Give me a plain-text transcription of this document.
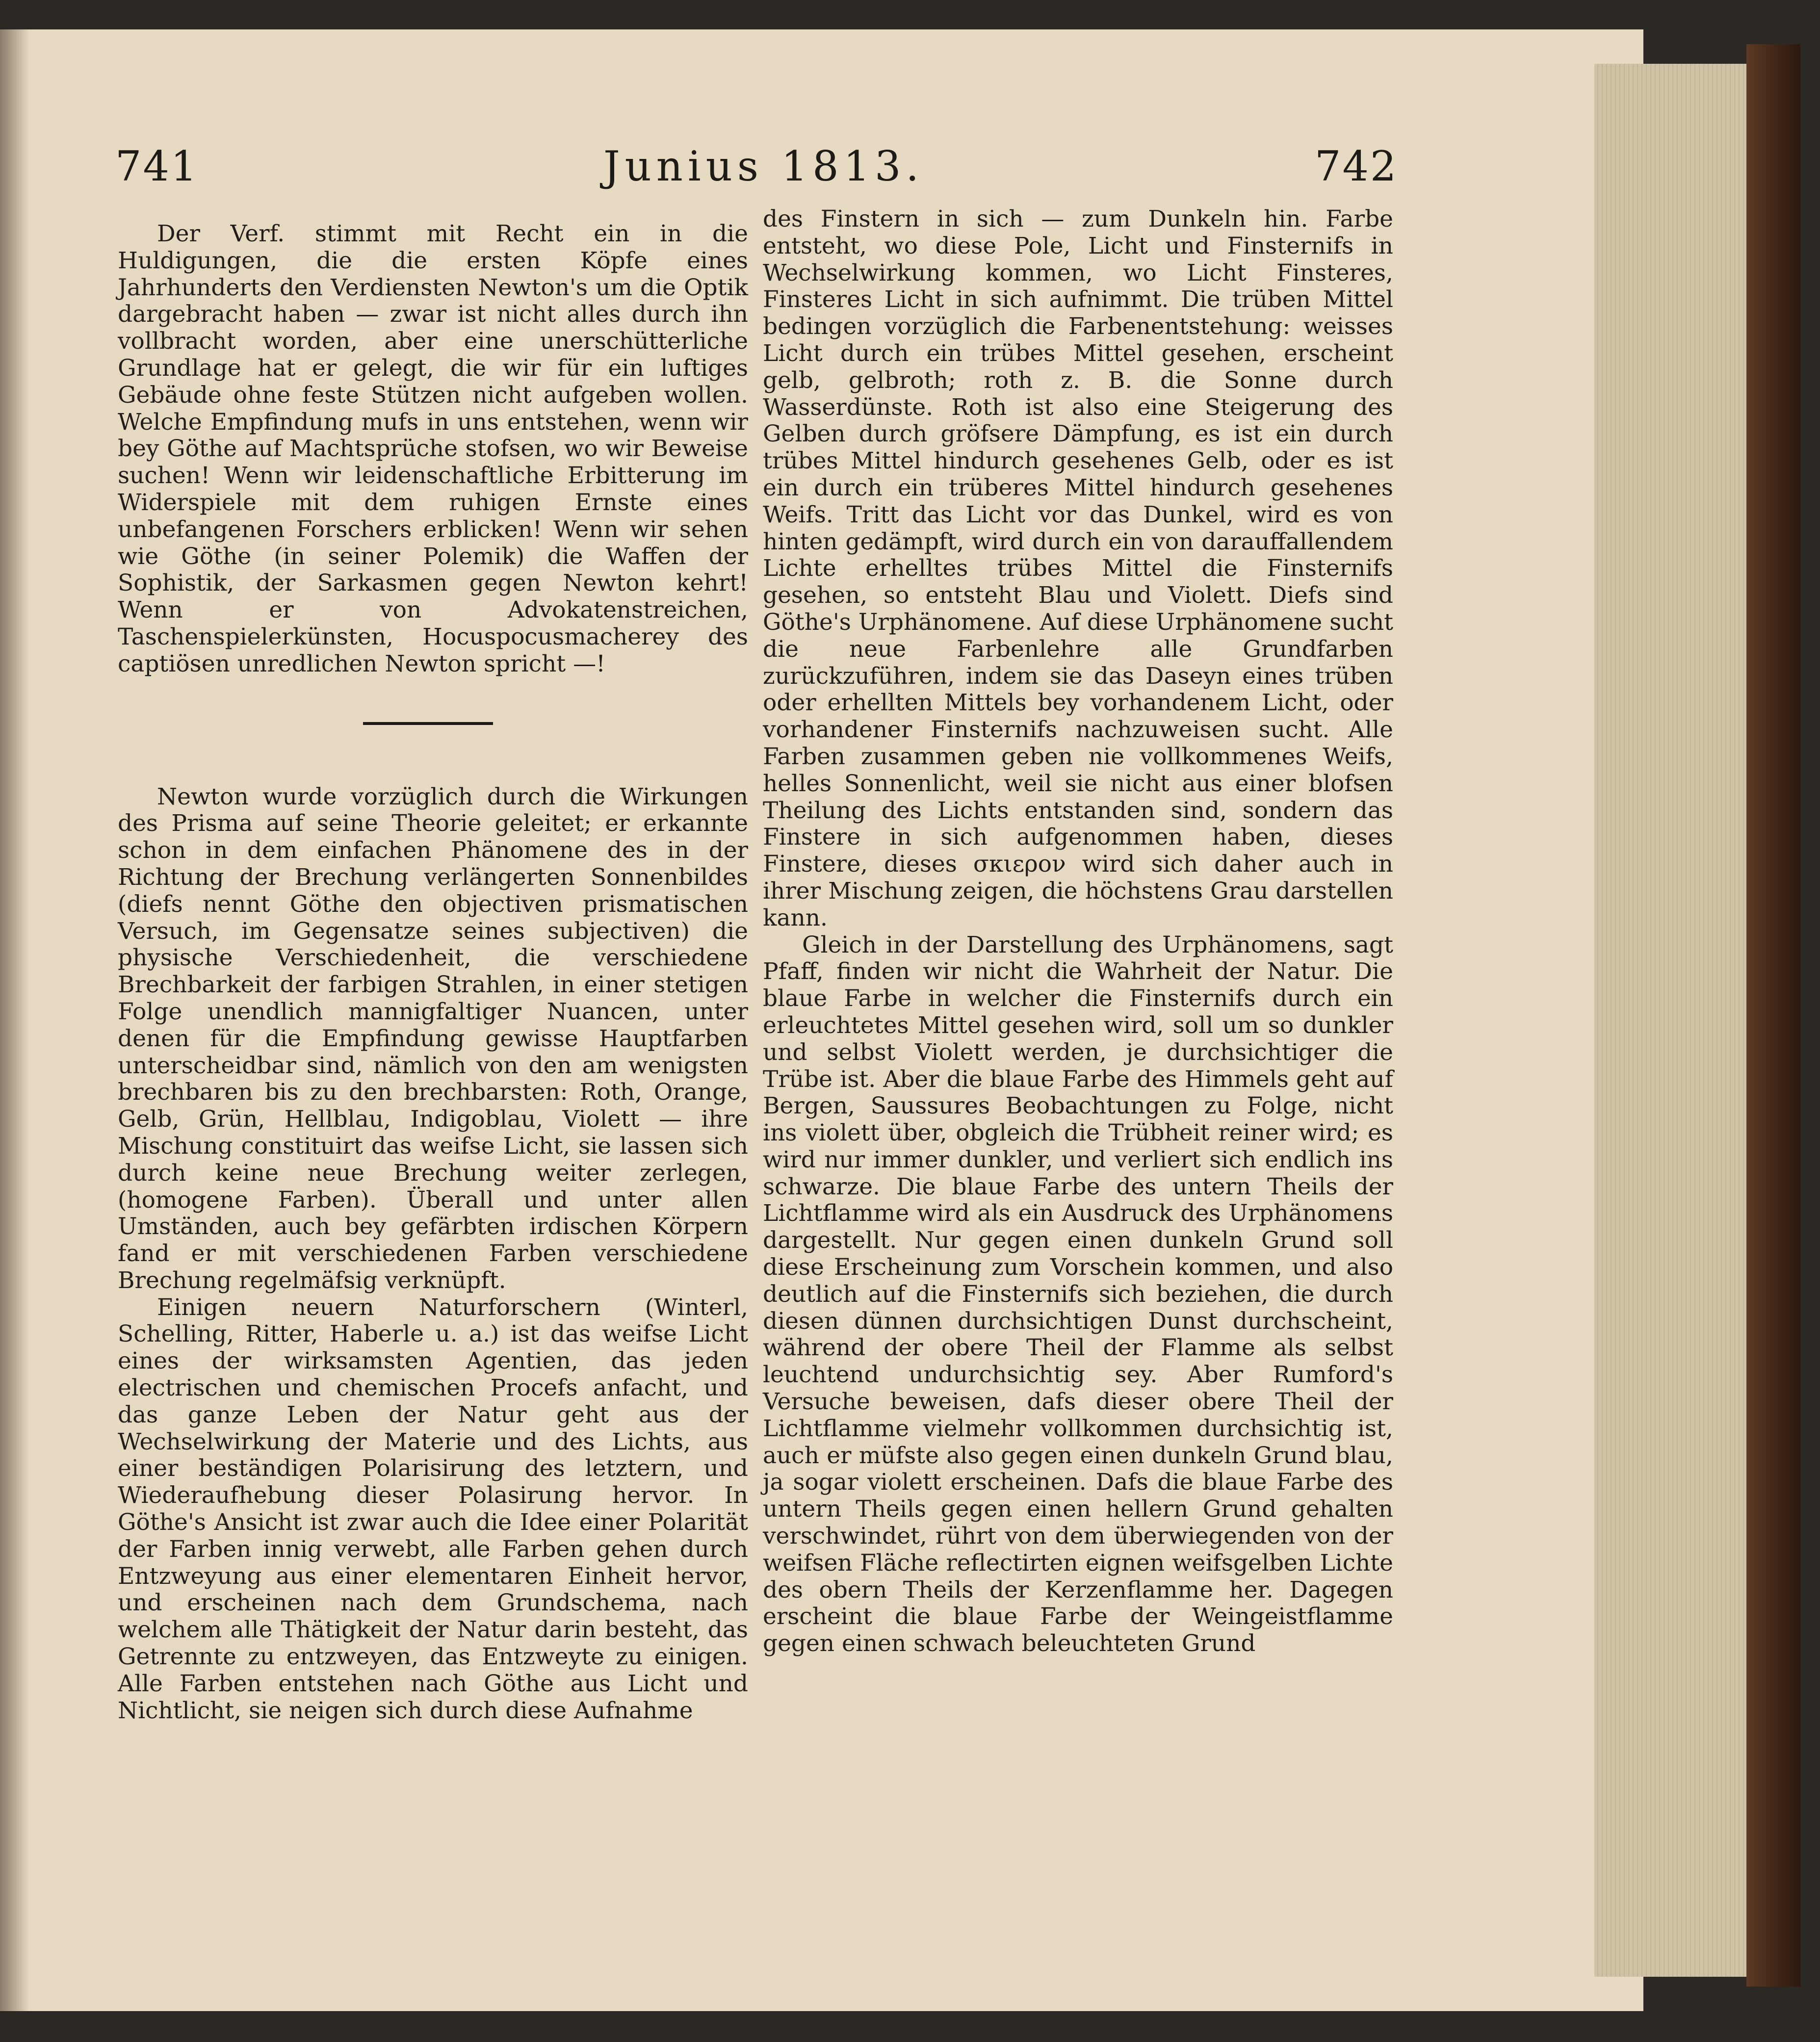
741	Junius 1813.	742

Der Verf. stimmt mit Recht ein in die Huldigungen, die die ersten Köpfe eines Jahrhunderts den Verdiensten Newton's um die Optik dargebracht haben — zwar ist nicht alles durch ihn vollbracht worden, aber eine unerschütterliche Grundlage hat er gelegt, die wir für ein luftiges Gebäude ohne feste Stützen nicht aufgeben wollen. Welche Empfindung mufs in uns entstehen, wenn wir bey Göthe auf Machtsprüche stofsen, wo wir Beweise suchen! Wenn wir leidenschaftliche Erbitterung im Widerspiele mit dem ruhigen Ernste eines unbefangenen Forschers erblicken! Wenn wir sehen wie Göthe (in seiner Polemik) die Waffen der Sophistik, der Sarkasmen gegen Newton kehrt! Wenn er von Advokatenstreichen, Taschenspielerkünsten, Hocuspocusmacherey des captiösen unredlichen Newton spricht —!

Newton wurde vorzüglich durch die Wirkungen des Prisma auf seine Theorie geleitet; er erkannte schon in dem einfachen Phänomene des in der Richtung der Brechung verlängerten Sonnenbildes (diefs nennt Göthe den objectiven prismatischen Versuch, im Gegensatze seines subjectiven) die physische Verschiedenheit, die verschiedene Brechbarkeit der farbigen Strahlen, in einer stetigen Folge unendlich mannigfaltiger Nuancen, unter denen für die Empfindung gewisse Hauptfarben unterscheidbar sind, nämlich von den am wenigsten brechbaren bis zu den brechbarsten: Roth, Orange, Gelb, Grün, Hellblau, Indigoblau, Violett — ihre Mischung constituirt das weifse Licht, sie lassen sich durch keine neue Brechung weiter zerlegen, (homogene Farben). Überall und unter allen Umständen, auch bey gefärbten irdischen Körpern fand er mit verschiedenen Farben verschiedene Brechung regelmäfsig verknüpft.

Einigen neuern Naturforschern (Winterl, Schelling, Ritter, Haberle u. a.) ist das weifse Licht eines der wirksamsten Agentien, das jeden electrischen und chemischen Procefs anfacht, und das ganze Leben der Natur geht aus der Wechselwirkung der Materie und des Lichts, aus einer beständigen Polarisirung des letztern, und Wiederaufhebung dieser Polasirung hervor. In Göthe's Ansicht ist zwar auch die Idee einer Polarität der Farben innig verwebt, alle Farben gehen durch Entzweyung aus einer elementaren Einheit hervor, und erscheinen nach dem Grundschema, nach welchem alle Thätigkeit der Natur darin besteht, das Getrennte zu entzweyen, das Entzweyte zu einigen. Alle Farben entstehen nach Göthe aus Licht und Nichtlicht, sie neigen sich durch diese Aufnahme

des Finstern in sich — zum Dunkeln hin. Farbe entsteht, wo diese Pole, Licht und Finsternifs in Wechselwirkung kommen, wo Licht Finsteres, Finsteres Licht in sich aufnimmt. Die trüben Mittel bedingen vorzüglich die Farbenentstehung: weisses Licht durch ein trübes Mittel gesehen, erscheint gelb, gelbroth; roth z. B. die Sonne durch Wasserdünste. Roth ist also eine Steigerung des Gelben durch gröfsere Dämpfung, es ist ein durch trübes Mittel hindurch gesehenes Gelb, oder es ist ein durch ein trüberes Mittel hindurch gesehenes Weifs. Tritt das Licht vor das Dunkel, wird es von hinten gedämpft, wird durch ein von darauffallendem Lichte erhelltes trübes Mittel die Finsternifs gesehen, so entsteht Blau und Violett. Diefs sind Göthe's Urphänomene. Auf diese Urphänomene sucht die neue Farbenlehre alle Grundfarben zurückzuführen, indem sie das Daseyn eines trüben oder erhellten Mittels bey vorhandenem Licht, oder vorhandener Finsternifs nachzuweisen sucht. Alle Farben zusammen geben nie vollkommenes Weifs, helles Sonnenlicht, weil sie nicht aus einer blofsen Theilung des Lichts entstanden sind, sondern das Finstere in sich aufgenommen haben, dieses Finstere, dieses σκιερον wird sich daher auch in ihrer Mischung zeigen, die höchstens Grau darstellen kann.

Gleich in der Darstellung des Urphänomens, sagt Pfaff, finden wir nicht die Wahrheit der Natur. Die blaue Farbe in welcher die Finsternifs durch ein erleuchtetes Mittel gesehen wird, soll um so dunkler und selbst Violett werden, je durchsichtiger die Trübe ist. Aber die blaue Farbe des Himmels geht auf Bergen, Saussures Beobachtungen zu Folge, nicht ins violett über, obgleich die Trübheit reiner wird; es wird nur immer dunkler, und verliert sich endlich ins schwarze. Die blaue Farbe des untern Theils der Lichtflamme wird als ein Ausdruck des Urphänomens dargestellt. Nur gegen einen dunkeln Grund soll diese Erscheinung zum Vorschein kommen, und also deutlich auf die Finsternifs sich beziehen, die durch diesen dünnen durchsichtigen Dunst durchscheint, während der obere Theil der Flamme als selbst leuchtend undurchsichtig sey. Aber Rumford's Versuche beweisen, dafs dieser obere Theil der Lichtflamme vielmehr vollkommen durchsichtig ist, auch er müfste also gegen einen dunkeln Grund blau, ja sogar violett erscheinen. Dafs die blaue Farbe des untern Theils gegen einen hellern Grund gehalten verschwindet, rührt von dem überwiegenden von der weifsen Fläche reflectirten eignen weifsgelben Lichte des obern Theils der Kerzenflamme her. Dagegen erscheint die blaue Farbe der Weingeistflamme gegen einen schwach beleuchteten Grund
